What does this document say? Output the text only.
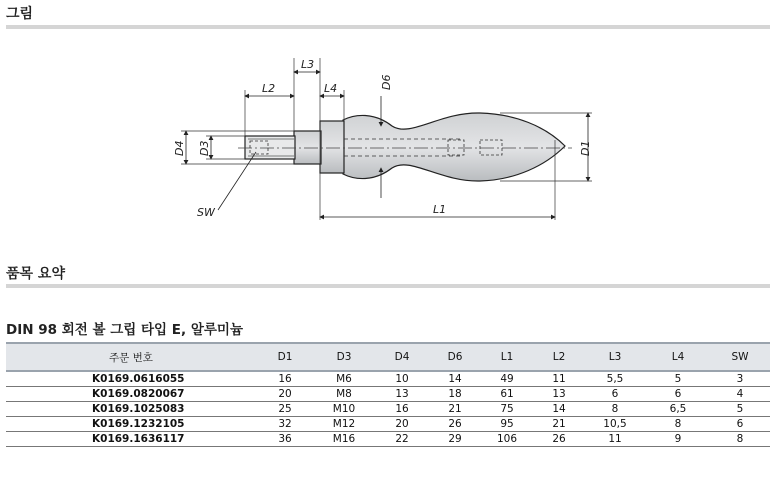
그림
L3
L2	L4	D6
D4 D3	D1
SW	L1
품목 요약
DIN 98 회전 볼 그립 타입 E, 알루미늄
주문 번호	D1	D3	D4	D6	L1	L2	L3	L4	SW
K0169.0616055	16	M6	10	14	49	11	5,5	5	3
K0169.0820067	20	M8	13	18	61	13	6	6	4
K0169.1025083	25	M10	16	21	75	14	8	6,5	5
K0169.1232105	32	M12	20	26	95	21	10,5	8	6
K0169.1636117	36	M16	22	29	106	26	11	9	8
